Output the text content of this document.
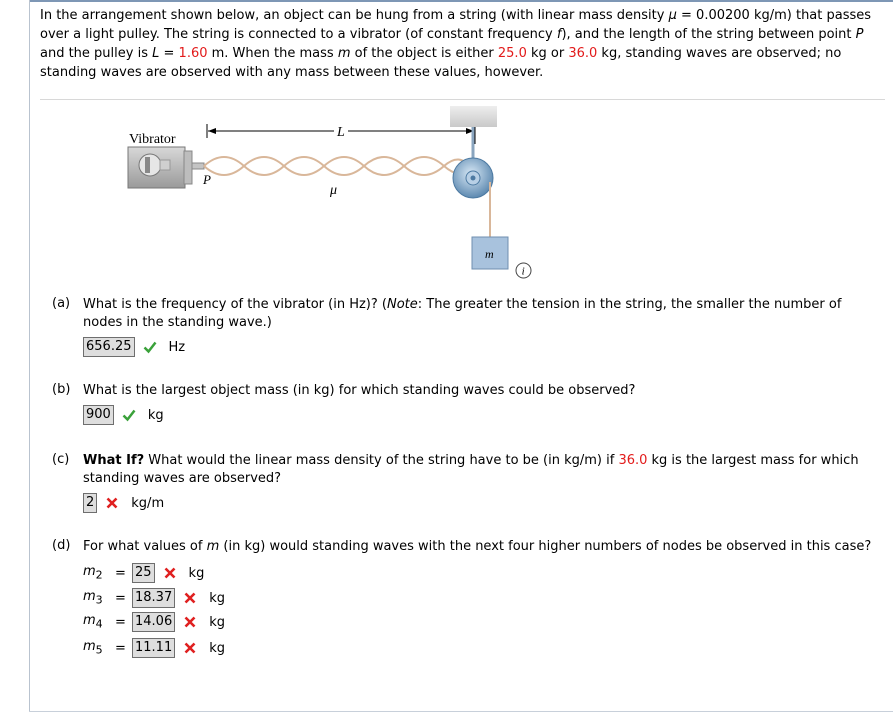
In the arrangement shown below, an object can be hung from a string (with linear mass density μ = 0.00200 kg/m) that passes over a light pulley. The string is connected to a vibrator (of constant frequency f), and the length of the string between point P and the pulley is L = 1.60 m. When the mass m of the object is either 25.0 kg or 36.0 kg, standing waves are observed; no standing waves are observed with any mass between these values, however.

Vibrator
P
L
μ
m
i
(a) What is the frequency of the vibrator (in Hz)? (Note: The greater the tension in the string, the smaller the number of nodes in the standing wave.)
656.25	Hz
(b) What is the largest object mass (in kg) for which standing waves could be observed?
900	kg
(c) What If? What would the linear mass density of the string have to be (in kg/m) if 36.0 kg is the largest mass for which standing waves are observed?
2	kg/m
(d) For what values of m (in kg) would standing waves with the next four higher numbers of nodes be observed in this case?
$m_2 = 25$	kg
$m_3 = 18.37$	kg
$m_4 = 14.06$	kg
$m_5 = 11.11$	kg
